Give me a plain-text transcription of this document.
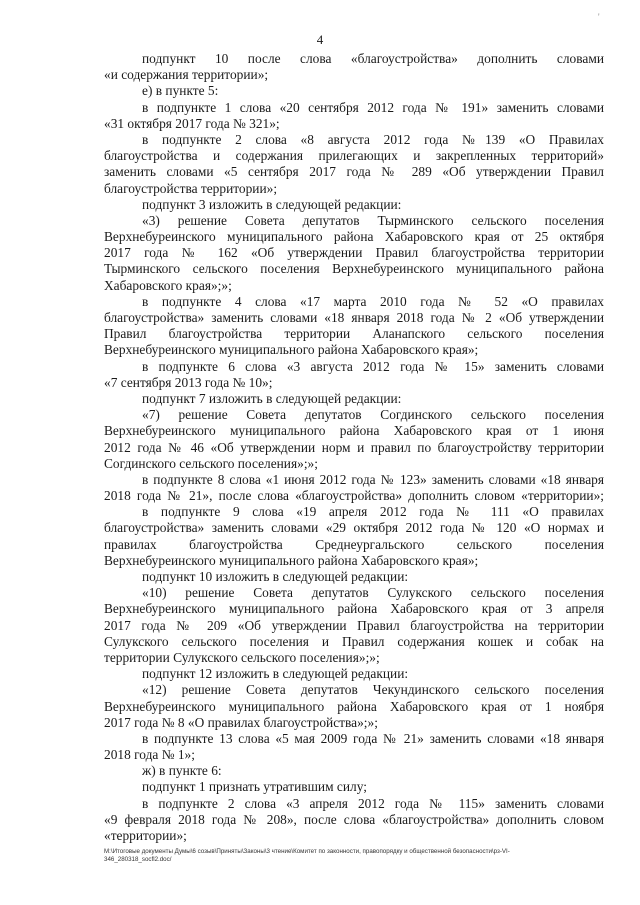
'
4
подпункт 10 после слова «благоустройства» дополнить словами
«и содержания территории»;
е) в пункте 5:
в подпункте 1 слова «20 сентября 2012 года № 191» заменить словами
«31 октября 2017 года № 321»;
в подпункте 2 слова «8 августа 2012 года №139 «О Правилах
благоустройства и содержания прилегающих и закрепленных территорий»
заменить словами «5 сентября 2017 года № 289 «Об утверждении Правил
благоустройства территории»;
подпункт 3 изложить в следующей редакции:
«3) решение Совета депутатов Тырминского сельского поселения
Верхнебуреинского муниципального района Хабаровского края от 25 октября
2017 года № 162 «Об утверждении Правил благоустройства территории
Тырминского сельского поселения Верхнебуреинского муниципального района
Хабаровского края»;»;
в подпункте 4 слова «17 марта 2010 года № 52 «О правилах
благоустройства» заменить словами «18 января 2018 года № 2 «Об утверждении
Правил благоустройства территории Аланапского сельского поселения
Верхнебуреинского муниципального района Хабаровского края»;
в подпункте 6 слова «3 августа 2012 года № 15» заменить словами
«7 сентября 2013 года № 10»;
подпункт 7 изложить в следующей редакции:
«7) решение Совета депутатов Согдинского сельского поселения
Верхнебуреинского муниципального района Хабаровского края от 1 июня
2012 года № 46 «Об утверждении норм и правил по благоустройству территории
Согдинского сельского поселения»;»;
в подпункте 8 слова «1 июня 2012 года № 123» заменить словами «18 января
2018 года № 21», после слова «благоустройства» дополнить словом «территории»;
в подпункте 9 слова «19 апреля 2012 года № 111 «О правилах
благоустройства» заменить словами «29 октября 2012 года № 120 «О нормах и
правилах благоустройства Среднеургальского сельского поселения
Верхнебуреинского муниципального района Хабаровского края»;
подпункт 10 изложить в следующей редакции:
«10) решение Совета депутатов Сулукского сельского поселения
Верхнебуреинского муниципального района Хабаровского края от 3 апреля
2017 года № 209 «Об утверждении Правил благоустройства на территории
Сулукского сельского поселения и Правил содержания кошек и собак на
территории Сулукского сельского поселения»;»;
подпункт 12 изложить в следующей редакции:
«12) решение Совета депутатов Чекундинского сельского поселения
Верхнебуреинского муниципального района Хабаровского края от 1 ноября
2017 года № 8 «О правилах благоустройства»;»;
в подпункте 13 слова «5 мая 2009 года № 21» заменить словами «18 января
2018 года № 1»;
ж) в пункте 6:
подпункт 1 признать утратившим силу;
в подпункте 2 слова «3 апреля 2012 года № 115» заменить словами
«9 февраля 2018 года № 208», после слова «благоустройства» дополнить словом
«территории»;
M:\Итоговые документы Думы\6 созыв\Приняты\Законы\3 чтение\Комитет по законности, правопорядку и общественной безопасности\рз-VI-
346_280318_socfl2.doc/
